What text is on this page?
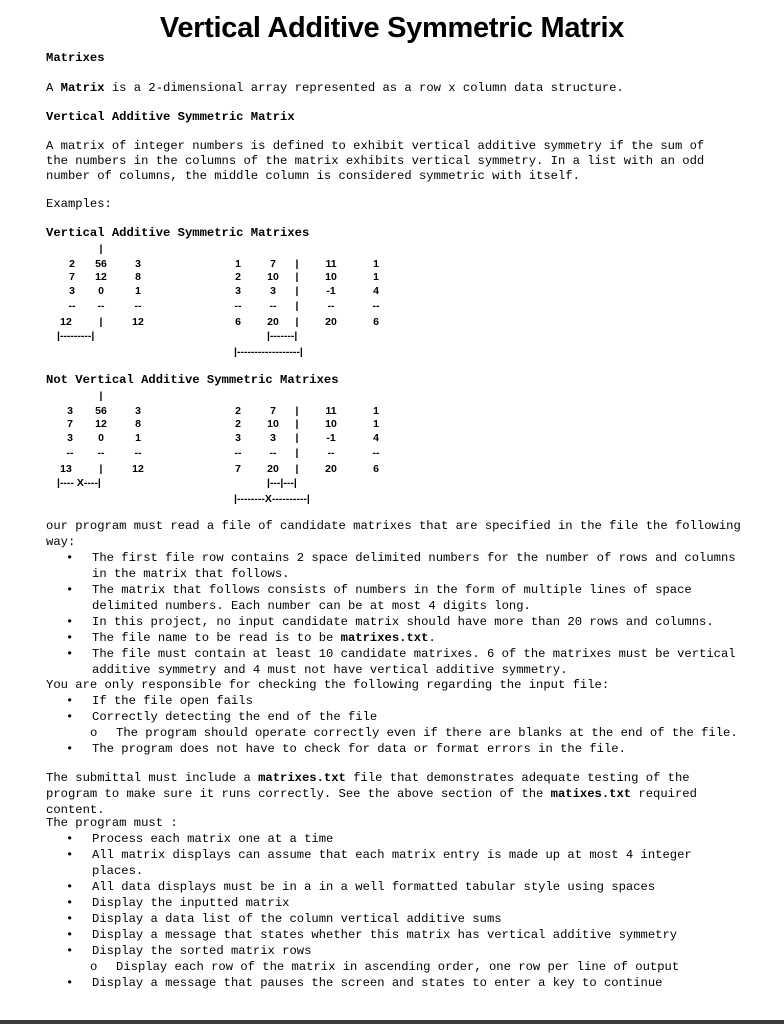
Vertical Additive Symmetric Matrix
Matrixes
A Matrix is a 2-dimensional array represented as a row x column data structure.
Vertical Additive Symmetric Matrix
A matrix of integer numbers is defined to exhibit vertical additive symmetry if the sum of
the numbers in the columns of the matrix exhibits vertical symmetry. In a list with an odd
number of columns, the middle column is considered symmetric with itself.
Examples:
Vertical Additive Symmetric Matrixes
|
2	56	3
7	12	8
3	0	1
--	--	--
12	|	12
|---------|
1	7	|	11	1
2	10	|	10	1
3	3	|	-1	4
--	--	|	--	--
6	20	|	20	6
|-------|
|------------------|
Not Vertical Additive Symmetric Matrixes
|
3	56	3
7	12	8
3	0	1
--	--	--
13	|	12
|---- X----|
2	7	|	11	1
2	10	|	10	1
3	3	|	-1	4
--	--	|	--	--
7	20	|	20	6
|---|---|
|--------X----------|
our program must read a file of candidate matrixes that are specified in the file the following way:
• The first file row contains 2 space delimited numbers for the number of rows and columns in the matrix that follows.
• The matrix that follows consists of numbers in the form of multiple lines of space delimited numbers. Each number can be at most 4 digits long.
• In this project, no input candidate matrix should have more than 20 rows and columns.
• The file name to be read is to be matrixes.txt.
• The file must contain at least 10 candidate matrixes. 6 of the matrixes must be vertical additive symmetry and 4 must not have vertical additive symmetry.
You are only responsible for checking the following regarding the input file:
• If the file open fails
• Correctly detecting the end of the file
o The program should operate correctly even if there are blanks at the end of the file.
• The program does not have to check for data or format errors in the file.
The submittal must include a matrixes.txt file that demonstrates adequate testing of the program to make sure it runs correctly. See the above section of the matixes.txt required content.
The program must :
• Process each matrix one at a time
• All matrix displays can assume that each matrix entry is made up at most 4 integer places.
• All data displays must be in a in a well formatted tabular style using spaces
• Display the inputted matrix
• Display a data list of the column vertical additive sums
• Display a message that states whether this matrix has vertical additive symmetry
• Display the sorted matrix rows
o Display each row of the matrix in ascending order, one row per line of output
• Display a message that pauses the screen and states to enter a key to continue
